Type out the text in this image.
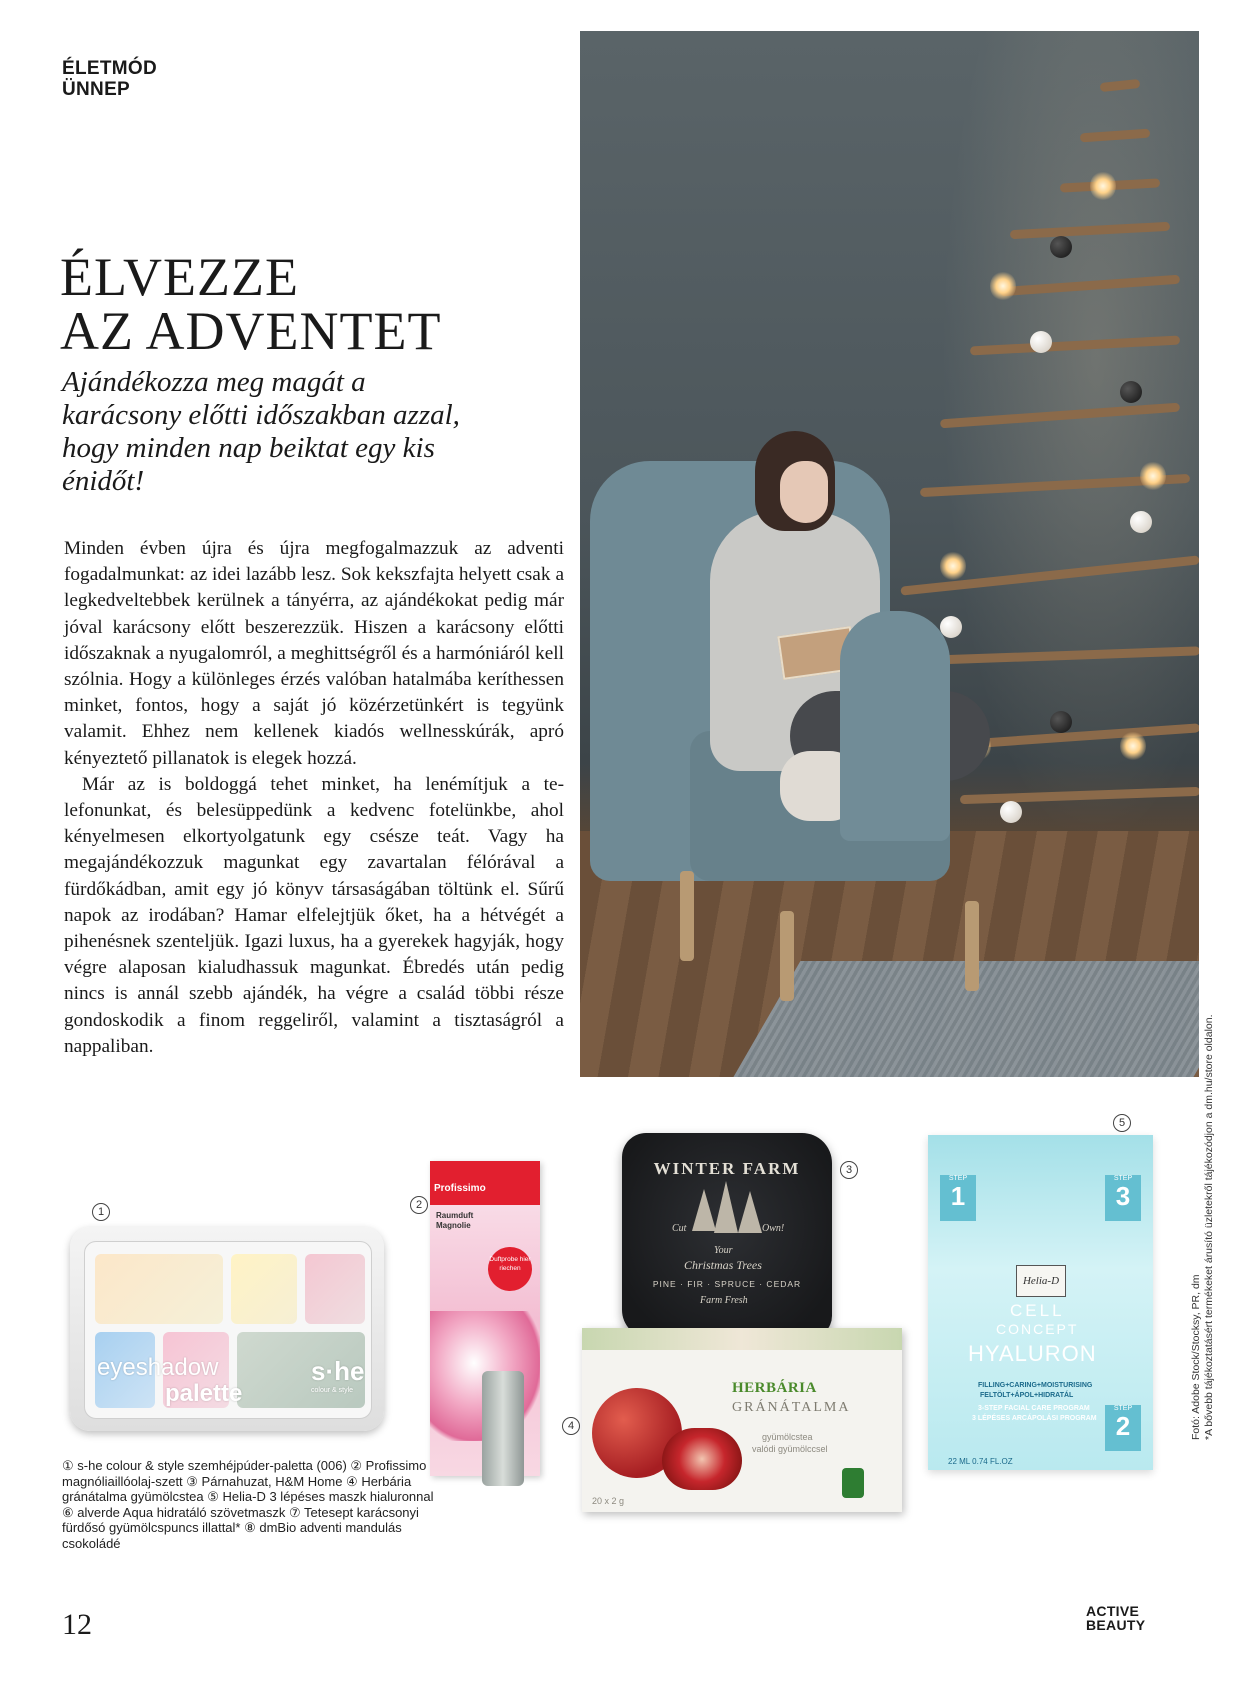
ÉLETMÓD
ÜNNEP
ÉLVEZZE
AZ ADVENTET
Ajándékozza meg magát a karácsony előtti időszakban azzal, hogy minden nap beiktat egy kis énidőt!

Minden évben újra és újra megfogalmazzuk az adventi fogadalmunkat: az idei lazább lesz. Sok kekszfajta helyett csak a legkedveltebbek kerülnek a tányérra, az ajándékokat pedig már jóval karácsony előtt beszerezzük. Hiszen a karácsony előtti időszaknak a nyugalomról, a meghittségről és a harmóniáról kell szólnia. Hogy a különleges érzés valóban hatalmába keríthessen minket, fontos, hogy a saját jó közérzetünkért is tegyünk valamit. Ehhez nem kellenek kiadós wellnesskúrák, apró kényeztető pillanatok is elegek hozzá.

Már az is boldoggá tehet minket, ha lenémítjuk a telefonunkat, és belesüppedünk a kedvenc fotelünkbe, ahol kényelmesen elkortyolgatunk egy csésze teát. Vagy ha megajándékozzuk magunkat egy zavartalan félórával a fürdőkádban, amit egy jó könyv társaságában töltünk el. Sűrű napok az irodában? Hamar elfelejtjük őket, ha a hétvégét a pihenésnek szenteljük. Igazi luxus, ha a gyerekek hagyják, hogy végre alaposan kialudhassuk magunkat. Ébredés után pedig nincs is annál szebb ajándék, ha végre a család többi része gondoskodik a finom reggeliről, valamint a tisztaságról a nappaliban.

1
2
3
4
5
eyeshadow
palette
s·he
colour & style
Profissimo
Raumduft
Magnolie
Duftprobe hier riechen
WINTER FARM
Cut	Own!
Your
Christmas Trees
PINE · FIR · SPRUCE · CEDAR
Farm Fresh
HERBÁRIA
GRÁNÁTALMA
gyümölcstea
valódi gyümölccsel
20 x 2 g
STEP
1
STEP
3
Helia-D
CELL
CONCEPT
HYALURON
FILLING+CARING+MOISTURISING
FELTÖLT+ÁPOL+HIDRATÁL
3-STEP FACIAL CARE PROGRAM
3 LÉPÉSES ARCÁPOLÁSI PROGRAM
STEP
2
22 ML 0.74 FL.OZ
① s-he colour & style szemhéjpúder-paletta (006) ② Profissimo magnóliaillóolaj-szett ③ Párnahuzat, H&M Home ④ Herbária gránátalma gyümölcstea ⑤ Helia-D 3 lépéses maszk hialuronnal ⑥ alverde Aqua hidratáló szövetmaszk ⑦ Tetesept karácsonyi fürdősó gyümölcspuncs illattal* ⑧ dmBio adventi mandulás csokoládé
Fotó: Adobe Stock/Stocksy, PR, dm *A bővebb tájékoztatásért termékeket árusító üzletekről tájékozódjon a dm.hu/store oldalon.
12	ACTIVE
BEAUTY
